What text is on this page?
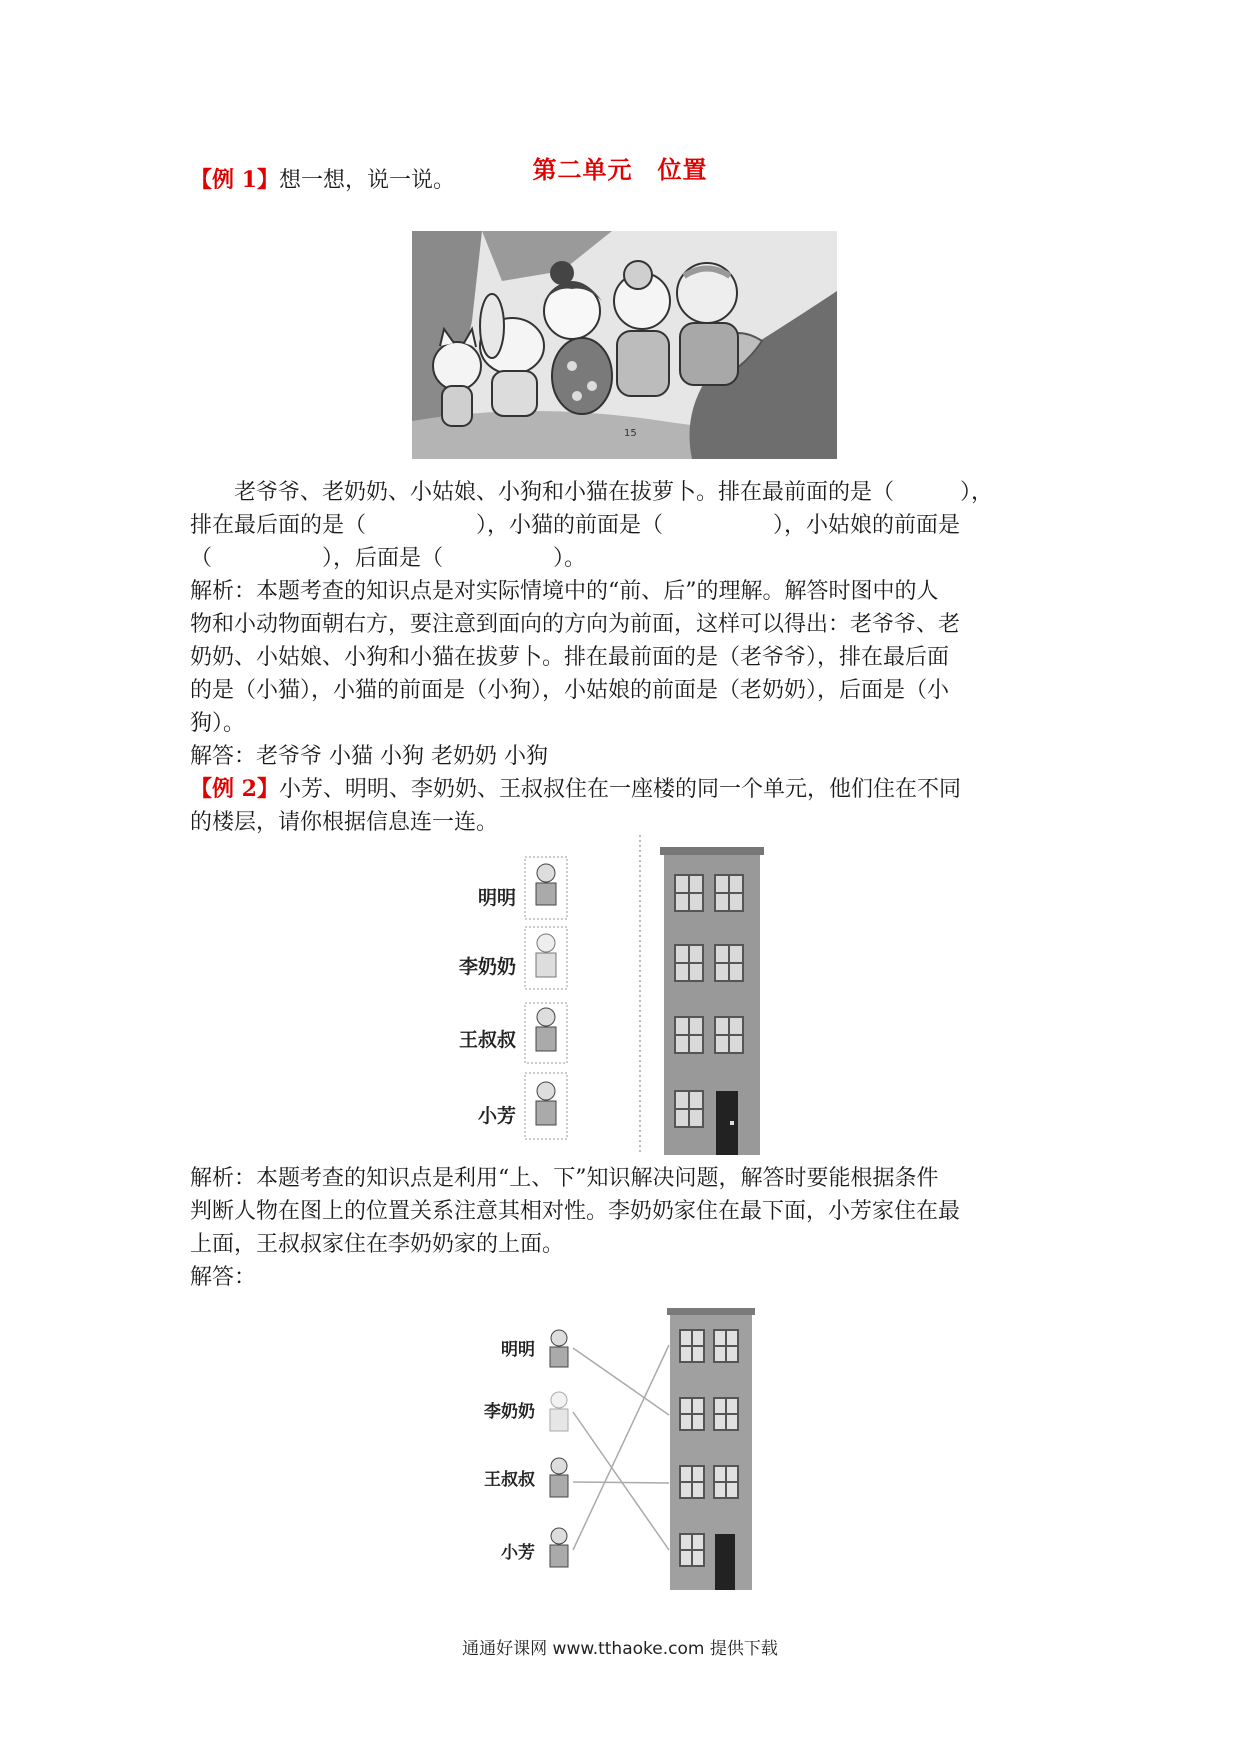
第二单元　位置
【例 1】想一想，说一说。
15
老爷爷、老奶奶、小姑娘、小狗和小猫在拔萝卜。排在最前面的是（　　　），
排在最后面的是（　　　　　），小猫的前面是（　　　　　），小姑娘的前面是
（　　　　　），后面是（　　　　　）。
解析：本题考查的知识点是对实际情境中的“前、后”的理解。解答时图中的人
物和小动物面朝右方，要注意到面向的方向为前面，这样可以得出：老爷爷、老
奶奶、小姑娘、小狗和小猫在拔萝卜。排在最前面的是（老爷爷），排在最后面
的是（小猫），小猫的前面是（小狗），小姑娘的前面是（老奶奶），后面是（小
狗）。
解答：老爷爷 小猫 小狗 老奶奶 小狗
【例 2】小芳、明明、李奶奶、王叔叔住在一座楼的同一个单元，他们住在不同
的楼层，请你根据信息连一连。
明明
李奶奶
王叔叔
小芳
解析：本题考查的知识点是利用“上、下”知识解决问题，解答时要能根据条件
判断人物在图上的位置关系注意其相对性。李奶奶家住在最下面，小芳家住在最
上面，王叔叔家住在李奶奶家的上面。
解答：
明明
李奶奶
王叔叔
小芳
通通好课网 www.tthaoke.com 提供下载
